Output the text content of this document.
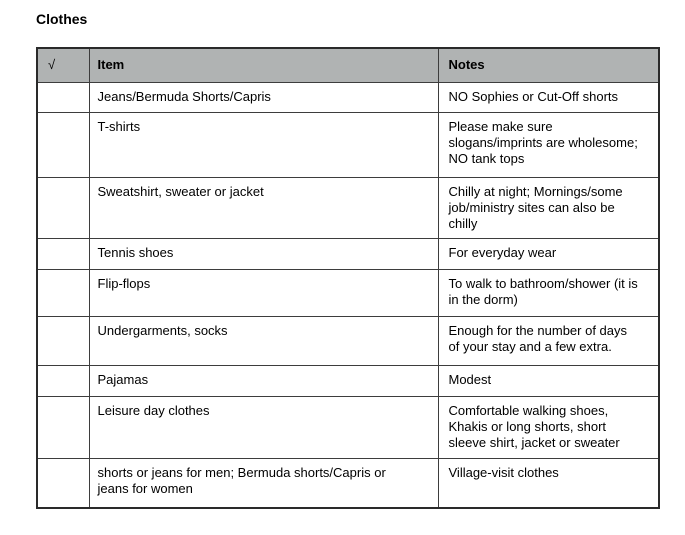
Clothes
√	Item	Notes
	Jeans/Bermuda Shorts/Capris	NO Sophies or Cut-Off shorts
	T-shirts	Please make sure slogans/imprints are wholesome; NO tank tops
	Sweatshirt, sweater or jacket	Chilly at night; Mornings/some job/ministry sites can also be chilly
	Tennis shoes	For everyday wear
	Flip-flops	To walk to bathroom/shower (it is in the dorm)
	Undergarments, socks	Enough for the number of days of your stay and a few extra.
	Pajamas	Modest
	Leisure day clothes	Comfortable walking shoes, Khakis or long shorts, short sleeve shirt, jacket or sweater
	shorts or jeans for men; Bermuda shorts/Capris or jeans for women	Village-visit clothes
